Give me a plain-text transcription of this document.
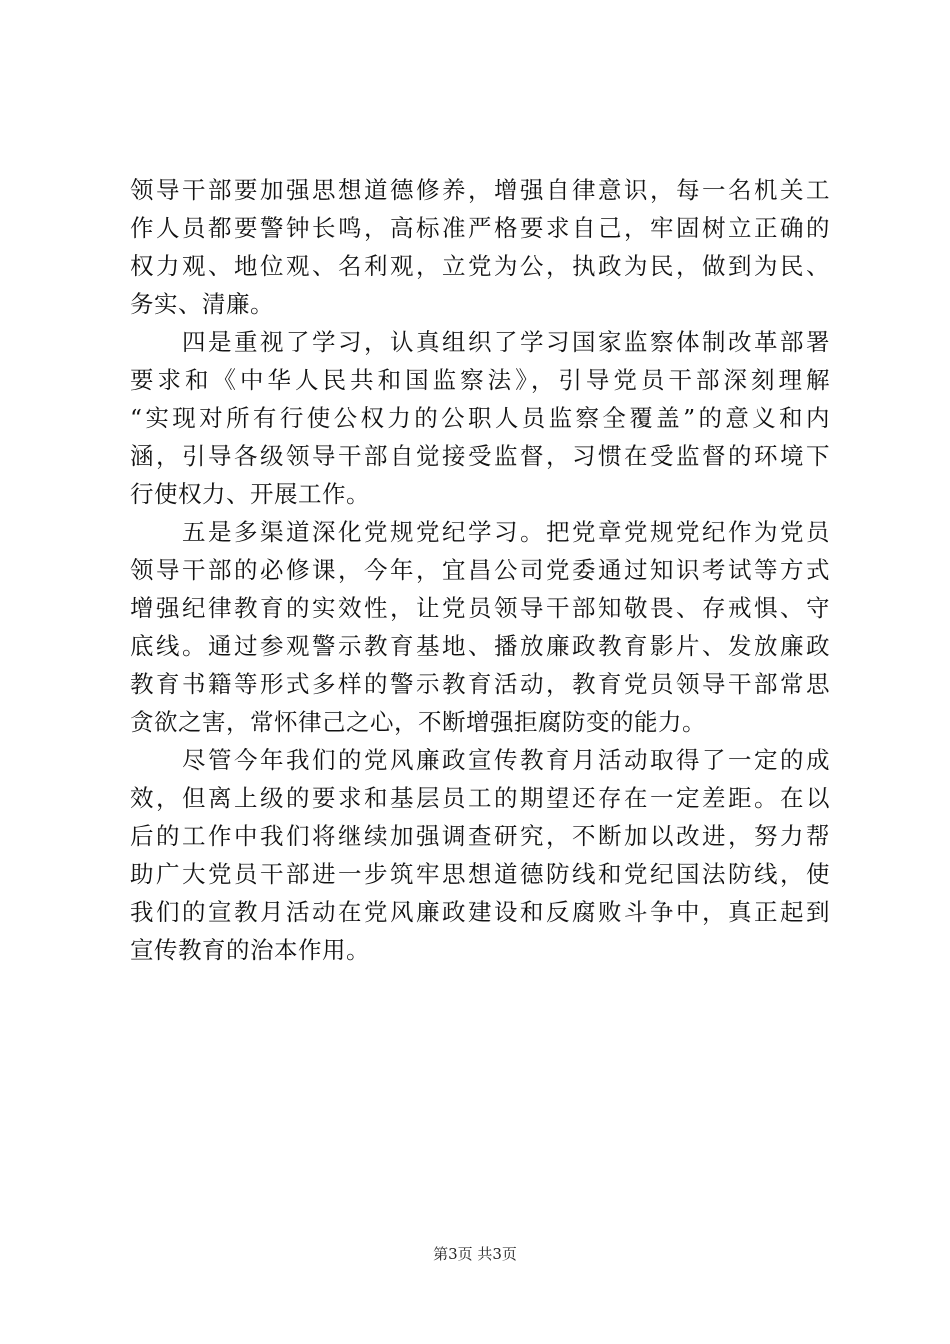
领导干部要加强思想道德修养，增强自律意识，每一名机关工
作人员都要警钟长鸣，高标准严格要求自己，牢固树立正确的
权力观、地位观、名利观，立党为公，执政为民，做到为民、
务实、清廉。
　　四是重视了学习，认真组织了学习国家监察体制改革部署
要求和《中华人民共和国监察法》，引导党员干部深刻理解
“实现对所有行使公权力的公职人员监察全覆盖”的意义和内
涵，引导各级领导干部自觉接受监督，习惯在受监督的环境下
行使权力、开展工作。
　　五是多渠道深化党规党纪学习。把党章党规党纪作为党员
领导干部的必修课，今年，宜昌公司党委通过知识考试等方式
增强纪律教育的实效性，让党员领导干部知敬畏、存戒惧、守
底线。通过参观警示教育基地、播放廉政教育影片、发放廉政
教育书籍等形式多样的警示教育活动，教育党员领导干部常思
贪欲之害，常怀律己之心，不断增强拒腐防变的能力。
　　尽管今年我们的党风廉政宣传教育月活动取得了一定的成
效，但离上级的要求和基层员工的期望还存在一定差距。在以
后的工作中我们将继续加强调查研究，不断加以改进，努力帮
助广大党员干部进一步筑牢思想道德防线和党纪国法防线，使
我们的宣教月活动在党风廉政建设和反腐败斗争中，真正起到
宣传教育的治本作用。
第3页 共3页
